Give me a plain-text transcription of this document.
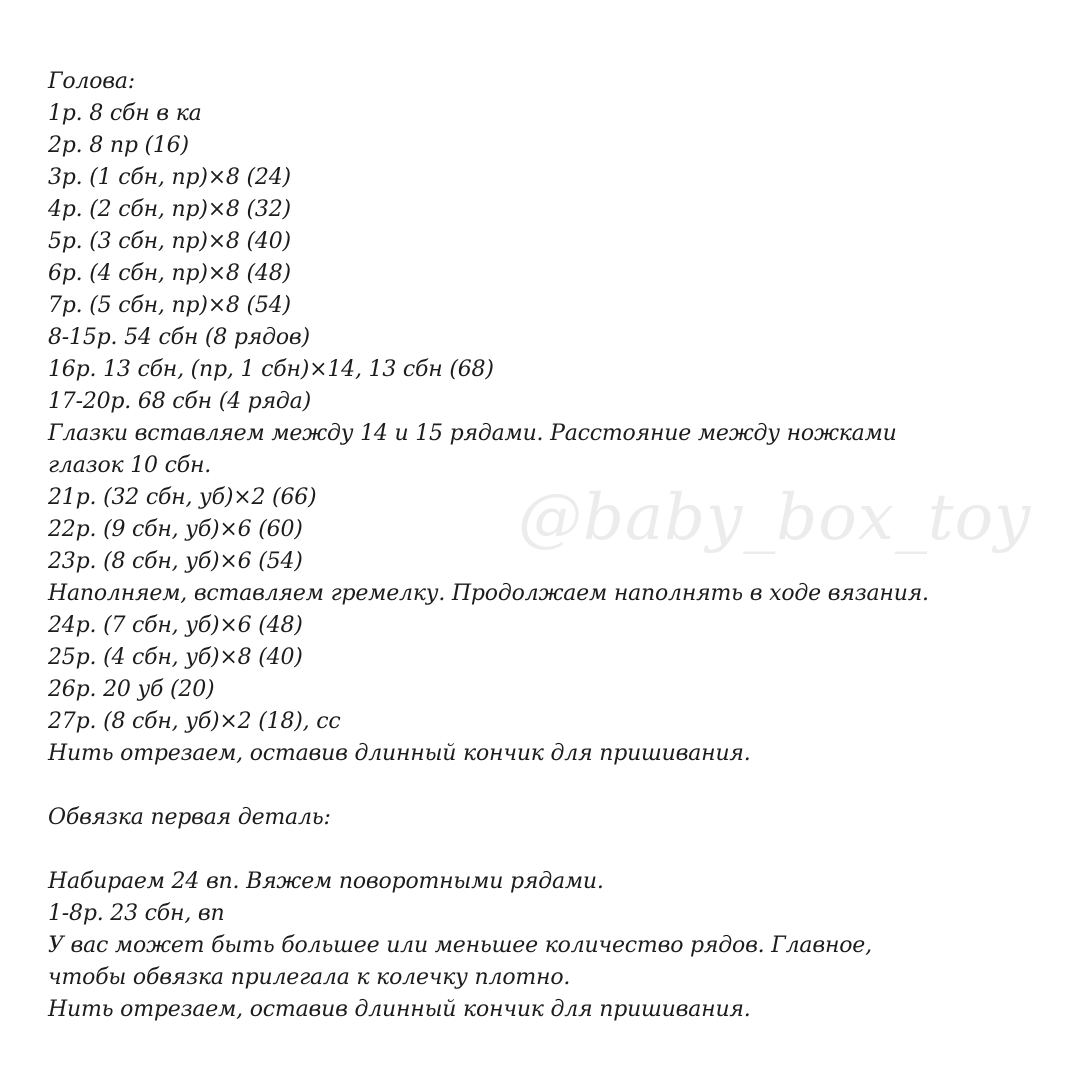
@baby_box_toy
Голова:
1р. 8 сбн в ка
2р. 8 пр (16)
3р. (1 сбн, пр)×8 (24)
4р. (2 сбн, пр)×8 (32)
5р. (3 сбн, пр)×8 (40)
6р. (4 сбн, пр)×8 (48)
7р. (5 сбн, пр)×8 (54)
8-15р. 54 сбн (8 рядов)
16р. 13 сбн, (пр, 1 сбн)×14, 13 сбн (68)
17-20р. 68 сбн (4 ряда)
Глазки вставляем между 14 и 15 рядами. Расстояние между ножками
глазок 10 сбн.
21р. (32 сбн, уб)×2 (66)
22р. (9 сбн, уб)×6 (60)
23р. (8 сбн, уб)×6 (54)
Наполняем, вставляем гремелку. Продолжаем наполнять в ходе вязания.
24р. (7 сбн, уб)×6 (48)
25р. (4 сбн, уб)×8 (40)
26р. 20 уб (20)
27р. (8 сбн, уб)×2 (18), сс
Нить отрезаем, оставив длинный кончик для пришивания.
Обвязка первая деталь:
Набираем 24 вп. Вяжем поворотными рядами.
1-8р. 23 сбн, вп
У вас может быть большее или меньшее количество рядов. Главное,
чтобы обвязка прилегала к колечку плотно.
Нить отрезаем, оставив длинный кончик для пришивания.
